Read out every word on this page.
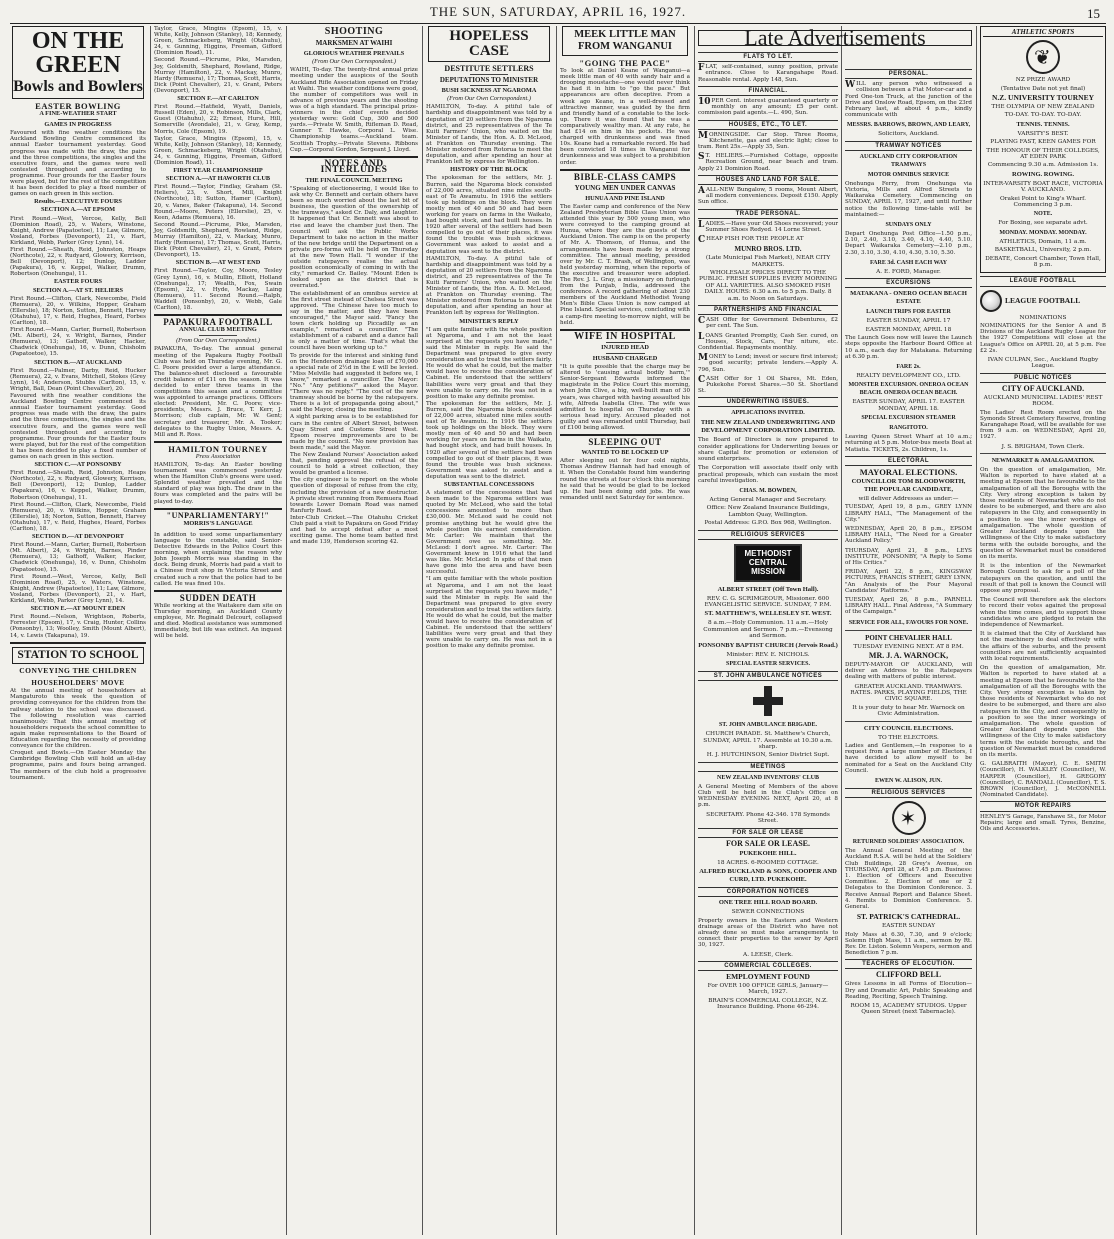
THE SUN, SATURDAY, APRIL 16, 1927.	15
ON THE GREEN
Bowls and Bowlers
EASTER BOWLING
A FINE-WEATHER START
GAMES IN PROGRESS

Favoured with fine weather conditions the Auckland Bowling Centre commenced its annual Easter tournament yesterday. Good progress was made with the draw, the pairs and the three competitions, the singles and the executive fours, and the games were well contested throughout and according to programme. Four grounds for the Easter fours were played, but for the rest of the competition it has been decided to play a fixed number of games on each green in this section.

Results.—EXECUTIVE FOURS
SECTION A.—AT EPSOM

First Round.—West, Vercoe, Kelly, Bell (Dominion Road), 25, v. Waters, Winstone, Knight, Andrew (Papatoetoe), 11; Law, Gilmore, Vosland, Forbes (Devonport), 21, v. Hart, Kirkland, Webb, Parker (Grey Lynn), 14.

First Round.—Sheath, Reid, Johnston, Heaps (Northcote), 22, v. Rudyard, Glowery, Kerrison, Bell (Devonport), 12; Dunlop, Ladder (Papakura), 16, v. Keppel, Walker, Drumm, Robertson (Onehunga), 11.

EASTER FOURS
SECTION A.—AT ST. HELIERS

First Round.—Clifton, Clark, Newcombe, Field (Remuera), 20, v. Wilkins, Hopper, Graham (Ellerslie), 18; Norton, Sutton, Bennett, Harvey (Otahuhu), 17, v. Reid, Hughes, Heard, Forbes (Carlton), 18.

First Round.—Mann, Carter, Burnell, Robertson (Mt. Albert), 24, v. Wright, Barnes, Pinder (Remuera), 13; Gathoff, Walker, Hacker, Chadwick (Onehunga), 16, v. Dunn, Chisholm (Papatoetoe), 15.

SECTION B.—AT AUCKLAND

First Round.—Palmer, Darby, Reid, Hucker (Remuera), 22, v. Evans, Mitchell, Stokes (Grey Lynn), 14; Anderson, Stubbs (Carlton), 15, v. Wright, Ball, Dean (Point Chevalier), 20.

Favoured with fine weather conditions the Auckland Bowling Centre commenced its annual Easter tournament yesterday. Good progress was made with the draw, the pairs and the three competitions, the singles and the executive fours, and the games were well contested throughout and according to programme. Four grounds for the Easter fours were played, but for the rest of the competition it has been decided to play a fixed number of games on each green in this section.

SECTION C.—AT PONSONBY

First Round.—Sheath, Reid, Johnston, Heaps (Northcote), 22, v. Rudyard, Glowery, Kerrison, Bell (Devonport), 12; Dunlop, Ladder (Papakura), 16, v. Keppel, Walker, Drumm, Robertson (Onehunga), 11.

First Round.—Clifton, Clark, Newcombe, Field (Remuera), 20, v. Wilkins, Hopper, Graham (Ellerslie), 18; Norton, Sutton, Bennett, Harvey (Otahuhu), 17, v. Reid, Hughes, Heard, Forbes (Carlton), 18.

SECTION D.—AT DEVONPORT

First Round.—Mann, Carter, Burnell, Robertson (Mt. Albert), 24, v. Wright, Barnes, Pinder (Remuera), 13; Gathoff, Walker, Hacker, Chadwick (Onehunga), 16, v. Dunn, Chisholm (Papatoetoe), 15.

First Round.—West, Vercoe, Kelly, Bell (Dominion Road), 25, v. Waters, Winstone, Knight, Andrew (Papatoetoe), 11; Law, Gilmore, Vosland, Forbes (Devonport), 21, v. Hart, Kirkland, Webb, Parker (Grey Lynn), 14.

SECTION E.—AT MOUNT EDEN

First Round.—Nelson, Wrightson, Roberts, Forrester (Epsom), 17, v. Craig, Hunter, Collins (Ponsonby), 13; Woolley, Smith (Mount Albert), 14, v. Lewis (Takapuna), 19.

STATION TO SCHOOL
CONVEYING THE CHILDREN
HOUSEHOLDERS' MOVE

At the annual meeting of householders at Mangaturoto this week the question of providing conveyance for the children from the railway station to the school was discussed. The following resolution was carried unanimously: That this annual meeting of householders requests the school committee to again make representations to the Board of Education regarding the necessity of providing conveyance for the children.

Croquet and Bowls.—On Easter Monday the Cambridge Bowling Club will hold an all-day programme, pairs and fours being arranged. The members of the club hold a progressive tournament.

Taylor, Grace, Mingins (Epsom), 15, v. White, Kelly, Johnson (Stanley), 18; Kennedy, Green, Schmackeberg, Wright (Otahuhu), 24, v. Gunning, Higgins, Freeman, Gifford (Dominion Road), 11.

Second Round.—Picrume, Pike, Marsden, Joy, Goldsmith, Shephard, Rowland, Ridge, Murray (Hamilton), 22, v. Mackay, Munro, Hardy (Remuera), 17; Thomas, Scott, Harris, Dick (Point Chevalier), 21, v. Grant, Peters (Devonport), 15.

SECTION F.—AT CARLTON

First Round.—Hatfield, Wyatt, Daniels, Russell (Eden), 20, v. Robinson, Mills, Clark, Guest (Otahuhu), 22; Ernest, Hurst, Hill, Somerville (Avondale), 21, v. Gray, Kemp, Morris, Cole (Epsom), 19.

Taylor, Grace, Mingins (Epsom), 15, v. White, Kelly, Johnson (Stanley), 18; Kennedy, Green, Schmackeberg, Wright (Otahuhu), 24, v. Gunning, Higgins, Freeman, Gifford (Dominion Road), 11.

FIRST YEAR CHAMPIONSHIP
SECTION A.—AT HAWORTH CLUB

First Round.—Taylor, Findlay, Graham (St. Heliers), 23, v. Short, Mill, Knight (Northcote), 18; Sutton, Hamer (Carlton), 20, v. Vanes, Baker (Takapuna), 14. Second Round.—Moore, Peters (Ellerslie), 25, v. Keen, Adams (Remuera), 16.

Second Round.—Picrume, Pike, Marsden, Joy, Goldsmith, Shephard, Rowland, Ridge, Murray (Hamilton), 22, v. Mackay, Munro, Hardy (Remuera), 17; Thomas, Scott, Harris, Dick (Point Chevalier), 21, v. Grant, Peters (Devonport), 15.

SECTION B.—AT WEST END

First Round.—Taylor, Coy, Moore, Tesley (Grey Lynn), 16, v. Mullin, Elliott, Holland (Onehunga), 17; Wealth, Fox, Swain (Epsom), 22, v. Hyde, Mackay, Laing (Remuera), 11. Second Round.—Ralph, Waddell (Ponsonby), 20, v. Webb, Gale (Carlton), 18.

PAPAKURA FOOTBALL
ANNUAL CLUB MEETING
(From Our Own Correspondent.)

PAPAKURA, To-day. The annual general meeting of the Papakura Rugby Football Club was held on Thursday evening, Mr. G. C. Poore presided over a large attendance. The balance-sheet disclosed a favourable credit balance of £11 on the season. It was decided to enter three teams in the competitions this season and a committee was appointed to arrange practices. Officers elected: President, Mr. C. Poore; vice-presidents, Messrs. J. Bruce, T. Kerr, J. Morrison; club captain, Mr. W. Gent; secretary and treasurer, Mr. A. Tooker; delegates to the Rugby Union, Messrs. A. Mill and R. Ross.

HAMILTON TOURNEY
Press Association

HAMILTON, To-day. An Easter bowling tournament was commenced yesterday when the Hamilton Club's greens were used. Splendid weather prevailed and the standard of play was high. The draw in the fours was completed and the pairs will be played to-day.

"UNPARLIAMENTARY!"
MORRIS'S LANGUAGE

In addition to used some unparliamentary language to the constable, said Senior-Detective Edwards in the Police Court this morning, when explaining the reason why John Joseph Morris was standing in the dock. Being drunk, Morris had paid a visit to a Chinese fruit shop in Victoria Street and created such a row that the police had to be called. He was fined 10s.

SUDDEN DEATH

While working at the Waitakere dam site on Thursday morning, an Auckland County employee, Mr. Reginald Delcourt, collapsed and died. Medical assistance was summoned immediately, but life was extinct. An inquest will be held.

SHOOTING
MARKSMEN AT WAIHI
GLORIOUS WEATHER PREVAILS
(From Our Own Correspondent.)

WAIHI, To-day. The twenty-first annual prize meeting under the auspices of the South Auckland Rifle Association opened on Friday at Waihi. The weather conditions were good, the number of competitors was well in advance of previous years and the shooting was of a high standard. The principal prize-winners in the chief events decided yesterday were: Gold Cup, 300 and 500 yards.—Private W. Smith, Rifleman D. Read, Gunner T. Hawke, Corporal L. Wise. Championship teams.—Auckland team. Scottish Trophy.—Private Stevens. Ribbons Cup.—Corporal Gordon, Sergeant J. Lloyd.

NOTES AND INTERLUDES
THE FINAL COUNCIL MEETING

"Speaking of electioneering, I would like to ask why Cr. Bennett and certain others have been so much worried about the last bit of business, the question of the ownership of the tramways," asked Cr. Daly, and laughter. It happened that Cr. Bennett was about to rise and leave the chamber just then. The council will ask the Public Works Department to take no action in the matter of the new bridge until the Department on a private pro-forma will be held on Thursday at the new Town Hall. "I wonder if the outside ratepayers realise the actual position economically of coming in with the city," remarked Cr. Bailey. "Mount Eden is looked upon as the district that is overrated."

The establishment of an omnibus service at the first street instead of Chelsea Street was approved. "The Chinese have too much to say in the matter, and they have been encouraged," the Mayor said. "Fancy the town clerk holding up Piccadilly as an example," remarked a councillor. "The establishment of a cabaret and a dance hall is only a matter of time. That's what the council have been working up to."

To provide for the interest and sinking fund on the Henderson drainage loan of £70,000 a special rate of 2½d in the £ will be levied. "Miss Melville had suggested it before we, I know," remarked a councillor. The Mayor: "No." "Any petitions?" asked the Mayor. "There was no reply." "The cost of the new tramway should be borne by the ratepayers. There is a lot of propaganda going about," said the Mayor, closing the meeting.

A sight parking area is to be established for cars in the centre of Albert Street, between Quay Street and Customs Street West. Epsom reserve improvements are to be made by the council. "No new provision has been made," said the Mayor.

The New Zealand Nurses' Association asked that, pending approval the refusal of the council to hold a street collection, they would be granted a license.

The city engineer is to report on the whole question of disposal of refuse from the city, including the provision of a new destructor. A private street running from Remuera Road towards Lower Domain Road was named Ranfurly Road.

Inter-Club Cricket.—The Otahuhu Cricket Club paid a visit to Papakura on Good Friday and had to accept defeat after a most exciting game. The home team batted first and made 139, Henderson scoring 42.

HOPELESS CASE
DESTITUTE SETTLERS
DEPUTATIONS TO MINISTER
BUSH SICKNESS AT NGAROMA
(From Our Own Correspondent.)

HAMILTON, To-day. A pitiful tale of hardship and disappointment was told by a deputation of 20 settlers from the Ngaroma district, and 25 representatives of the Te Kuiti Farmers' Union, who waited on the Minister of Lands, the Hon. A. D. McLeod, at Frankton on Thursday evening. The Minister motored from Rotorua to meet the deputation, and after spending an hour at Frankton left by express for Wellington.

HISTORY OF THE BLOCK

The spokesman for the settlers, Mr. J. Burren, said the Ngaroma block consisted of 22,000 acres, situated nine miles south-east of Te Awamutu. In 1916 the settlers took up holdings on the block. They were mostly men of 40 and 50 and had been working for years on farms in the Waikato, had bought stock, and had built houses. In 1920 after several of the settlers had been compelled to go out of their places, it was found the trouble was bush sickness. Government was asked to assist and a deputation was sent to the district.

HAMILTON, To-day. A pitiful tale of hardship and disappointment was told by a deputation of 20 settlers from the Ngaroma district, and 25 representatives of the Te Kuiti Farmers' Union, who waited on the Minister of Lands, the Hon. A. D. McLeod, at Frankton on Thursday evening. The Minister motored from Rotorua to meet the deputation, and after spending an hour at Frankton left by express for Wellington.

MINISTER'S REPLY

"I am quite familiar with the whole position at Ngaroma, and I am not the least surprised at the requests you have made," said the Minister in reply. He said the Department was prepared to give every consideration and to treat the settlers fairly. He would do what he could, but the matter would have to receive the consideration of Cabinet. He understood that the settlers' liabilities were very great and that they were unable to carry on. He was not in a position to make any definite promise.

The spokesman for the settlers, Mr. J. Burren, said the Ngaroma block consisted of 22,000 acres, situated nine miles south-east of Te Awamutu. In 1916 the settlers took up holdings on the block. They were mostly men of 40 and 50 and had been working for years on farms in the Waikato, had bought stock, and had built houses. In 1920 after several of the settlers had been compelled to go out of their places, it was found the trouble was bush sickness. Government was asked to assist and a deputation was sent to the district.

SUBSTANTIAL CONCESSIONS

A statement of the concessions that had been made to the Ngaroma settlers was quoted by Mr. McLeod, who said the total concessions amounted to more than £30,000. Mr. McLeod said he could not promise anything but he would give the whole position his earnest consideration. Mr. Carter: We maintain that the Government owe us something. Mr. McLeod: I don't agree. Mr. Carter: The Government knew in 1916 what the land was like. Mr. McLeod: In spite of that men have gone into the area and have been successful.

"I am quite familiar with the whole position at Ngaroma, and I am not the least surprised at the requests you have made," said the Minister in reply. He said the Department was prepared to give every consideration and to treat the settlers fairly. He would do what he could, but the matter would have to receive the consideration of Cabinet. He understood that the settlers' liabilities were very great and that they were unable to carry on. He was not in a position to make any definite promise.

MEEK LITTLE MAN FROM WANGANUI
"GOING THE PACE"

To look at Daniel Keane of Wanganui—a meek little man of 40 with sandy hair and a drooping moustache—one would never think he had it in him to "go the pace." But appearances are often deceptive. From a week ago Keane, in a well-dressed and attractive manner, was guided by the firm and friendly hand of a constable to the lock-up. There it was found that he was a comparatively wealthy man. At any rate, he had £14 on him in his pockets. He was charged with drunkenness and was fined 10s. Keane had a remarkable record. He had been convicted 18 times in Wanganui for drunkenness and was subject to a prohibition order.

BIBLE-CLASS CAMPS
YOUNG MEN UNDER CANVAS
HUNUA AND PINE ISLAND

The Easter camp and conference of the New Zealand Presbyterian Bible Class Union was attended this year by 500 young men, who were conveyed to the camping ground at Hunua, where they are the guests of the Auckland Union. The camp is on the property of Mr. A. Thomson, of Hunua, and the arrangements have been made by a strong committee. The annual meeting, presided over by Mr. C. T. Brash, of Wellington, was held yesterday morning, when the reports of the executive and treasurer were adopted. The Rev. J. L. Gray, a missionary on furlough from the Punjab, India, addressed the conference. A record gathering of about 230 members of the Auckland Methodist Young Men's Bible Class Union is now camped at Pine Island. Special services, concluding with a camp-fire meeting to-morrow night, will be held.

WIFE IN HOSPITAL
INJURED HEAD
HUSBAND CHARGED

"It is quite possible that the charge may be altered to 'causing actual bodily harm,'" Senior-Sergeant Edwards informed the magistrate in the Police Court this morning, when John Clive, a big, well-built man of 30 years, was charged with having assaulted his wife, Alfreda Isabella Clive. The wife was admitted to hospital on Thursday with a serious head injury. Accused pleaded not guilty and was remanded until Thursday, bail of £100 being allowed.

SLEEPING OUT
WANTED TO BE LOCKED UP

After sleeping out for four cold nights, Thomas Andrew Hannah had had enough of it. When the Constable found him wandering round the streets at four o'clock this morning he said that he would be glad to be locked up. He had been doing odd jobs. He was remanded until next Saturday for sentence.

Late Advertisements
FLATS TO LET.
FLAT, self-contained, sunny position, private entrance. Close to Karangahape Road. Reasonable rental. Apply 148, Sun.
FINANCIAL.
10 PER Cent. interest guaranteed quarterly or monthly on any amount; £5 per cent. commission paid agents.—L. 490, Sun.
HOUSES, ETC., TO LET.
MORNINGSIDE. Car Stop. Three Rooms, Kitchenette, gas and electric light; close to tram. Rent 25s.—Apply 35, Sun.
S T. HELIERS.—Furnished Cottage, opposite Recreation Ground, near beach and tram. Apply 21 Dominion Road.
HOUSES AND LAND FOR SALE.
AALL-NEW Bungalow, 5 rooms, Mount Albert, all modern conveniences. Deposit £150. Apply Sun office.
TRADE PERSONAL.
LADIES.—Have your Old Shoes recovered; your Summer Shoes Redyed. 14 Lorne Street.
CHEAP FISH FOR THE PEOPLE AT
MUNRO BROS. LTD.
(Late Municipal Fish Market), NEAR CITY MARKETS.
WHOLESALE PRICES DIRECT TO THE PUBLIC. FRESH SUPPLIES EVERY MORNING OF ALL VARIETIES. ALSO SMOKED FISH DAILY. HOURS: 6.30 a.m. to 5 p.m. Daily. 8 a.m. to Noon on Saturdays.
PARTNERSHIPS AND FINANCIAL
CASH Offer for Government Debentures, £2 per cent. The Sun.
LOANS Granted Promptly, Cash Ser. cured, on Houses, Stock, Cars, Fur niture, etc. Confidential. Repayments monthly.
MONEY to Lend; invest or secure first interest; good security; private lenders.—Apply A. 796, Sun.
CASH Offer for 1 Oil Shares, Mt. Eden, Pukekohe Forest Shares.—50 St. Shortland St.
UNDERWRITING ISSUES.
APPLICATIONS INVITED.
THE NEW ZEALAND UNDERWRITING AND DEVELOPMENT CORPORATION LIMITED.
The Board of Directors is now prepared to consider applications for Underwriting Issues or share Capital for promotion or extension of sound enterprises.
The Corporation will associate itself only with practical proposals, which can sustain the most careful investigation.
CHAS. M. BOWDEN,
Acting General Manager and Secretary.
Office: New Zealand Insurance Buildings, Lambton Quay, Wellington.
Postal Address: G.P.O. Box 968, Wellington.
RELIGIOUS SERVICES
METHODIST
CENTRAL
MISSION
ALBERT STREET (Off Town Hall).
REV. C. G. SCRIMGEOUR, Missioner. 600 EVANGELISTIC SERVICE. SUNDAY, 7 P.M.
ST. MATTHEW'S, WELLESLEY ST. WEST.
8 a.m.—Holy Communion. 11 a.m.—Holy Communion and Sermon. 7 p.m.—Evensong and Sermon.
PONSONBY BAPTIST CHURCH (Jervois Road.)
Minister: REV. E. NICHOLS.
SPECIAL EASTER SERVICES.
ST. JOHN AMBULANCE NOTICES
ST. JOHN AMBULANCE BRIGADE.
CHURCH PARADE. St. Matthew's Church, SUNDAY, APRIL 17. Assemble at 10.30 a.m. sharp.
H. J. HUTCHINSON, Senior District Supt.
MEETINGS
NEW ZEALAND INVENTORS' CLUB
A General Meeting of Members of the above Club will be held in the Club's Office on WEDNESDAY EVENING NEXT, April 20, at 8 p.m.
SECRETARY. Phone 42-346. 178 Symonds Street.
FOR SALE OR LEASE
FOR SALE OR LEASE.
PUKEKOHE HILL.
18 ACRES. 6-ROOMED COTTAGE.
ALFRED BUCKLAND & SONS, COOPER AND CURD, LTD. PUKEKOHE.
CORPORATION NOTICES
ONE TREE HILL ROAD BOARD.
SEWER CONNECTIONS
Property owners in the Eastern and Western drainage areas of the District who have not already done so must make arrangements to connect their properties to the sewer by April 30, 1927.
A. LEESE, Clerk.
COMMERCIAL COLLEGES.
EMPLOYMENT FOUND
For OVER 100 OFFICE GIRLS, January—March, 1927.
BRAIN'S COMMERCIAL COLLEGE, N.Z. Insurance Building. Phone 46-294.
PERSONAL.
WILL any person who witnessed a collision between a Fiat Motor-car and a Ford One-ton Truck, at the junction of the Drive and Onslow Road, Epsom, on the 23rd February last, at about 4 p.m., kindly communicate with
MESSRS. BARROWS, BROWN, AND LEARY,
Solicitors, Auckland.
TRAMWAY NOTICES
AUCKLAND CITY CORPORATION TRAMWAYS
MOTOR OMNIBUS SERVICE
Onehunga Ferry, from Onehunga via Victoria, Mills and Alfred Streets to Waikaraka Cemetery. Commencing on SUNDAY, APRIL 17, 1927, and until further notice the following time-table will be maintained:—
SUNDAYS ONLY
Depart Onehunga Post Office—1.50 p.m., 2.10, 2.40, 3.10, 3.40, 4.10, 4.40, 5.10. Depart Waikaraka Cemetery—2.10 p.m., 2.30, 3.10, 3.30, 4.10, 4.30, 5.10, 5.30.
FARE 3d. CASH EACH WAY
A. E. FORD, Manager.
EXCURSIONS
MATAKANA - ONERO OCEAN BEACH ESTATE
LAUNCH TRIPS FOR EASTER
EASTER SUNDAY, APRIL 17
EASTER MONDAY, APRIL 18
The Launch Goes now will leave the Launch steps opposite the Harbour Board Office at 10 a.m., each day for Matakana. Returning at 6.30 p.m.
FARE 2s.
REALTY DEVELOPMENT CO., LTD.
MONSTER EXCURSION. ONEROA OCEAN BEACH. ONEROA OCEAN BEACH.
EASTER SUNDAY, APRIL 17. EASTER MONDAY, APRIL 18.
SPECIAL EXCURSION STEAMER
RANGITOTO.
Leaving Queen Street Wharf at 10 a.m.; returning at 5 p.m. Motor-bus meets Boat at Matiatia. TICKETS, 2s. Children, 1s.
ELECTORAL
MAYORAL ELECTIONS.
COUNCILLOR TOM BLOODWORTH, THE POPULAR CANDIDATE,
will deliver Addresses as under:—
TUESDAY, April 19, 8 p.m., GREY LYNN LIBRARY HALL, "The Management of the City."
WEDNESDAY, April 20, 8 p.m., EPSOM LIBRARY HALL, "The Need for a Greater Auckland Policy."
THURSDAY, April 21, 8 p.m., LEYS INSTITUTE, PONSONBY, "A Reply to Some of His Critics."
FRIDAY, April 22, 8 p.m., KINGSWAY PICTURES, FRANCIS STREET, GREY LYNN, "An Analysis of the Four Mayoral Candidates' Platforms."
TUESDAY, April 26, 8 p.m., PARNELL LIBRARY HALL. Final Address, "A Summary of the Campaign."
SERVICE FOR ALL, FAVOURS FOR NONE.
POINT CHEVALIER HALL
TUESDAY EVENING NEXT. AT 8 P.M.
MR. J. A. WARNOCK,
DEPUTY-MAYOR OF AUCKLAND, will deliver an Address to the Ratepayers dealing with matters of public interest.
GREATER AUCKLAND. TRAMWAYS. RATES. PARKS, PLAYING FIELDS, THE CIVIC SQUARE.
It is your duty to hear Mr. Warnock on Civic Administration.
CITY COUNCIL ELECTIONS.
TO THE ELECTORS.
Ladies and Gentlemen,—In response to a request from a large number of Electors, I have decided to allow myself to be nominated for a Seat on the Auckland City Council.
EWEN W. ALISON, JUN.
RELIGIOUS SERVICES
✶
RETURNED SOLDIERS' ASSOCIATION.
The Annual General Meeting of the Auckland R.S.A. will be held at the Soldiers' Club Buildings, 28 Grey's Avenue, on THURSDAY, April 28, at 7.45 p.m. Business: 1. Election of Officers and Executive Committee. 2. Election of one or 2 Delegates to the Dominion Conference. 3. Receive Annual Report and Balance Sheet. 4. Remits to Dominion Conference. 5. General.
ST. PATRICK'S CATHEDRAL.
EASTER SUNDAY
Holy Mass at 6.30, 7.30, and 9 o'clock; Solemn High Mass, 11 a.m., sermon by Rt. Rev. Dr. Liston. Solemn Vespers, sermon and Benediction 7 p.m.
TEACHERS OF ELOCUTION.
CLIFFORD BELL
Gives Lessons in all Forms of Elocution—Dry and Dramatic Art, Public Speaking and Reading, Reciting, Speech Training.
ROOM 15, ACADEMY STUDIOS. Upper Queen Street (next Tabernacle).
ATHLETIC SPORTS
❦
NZ PRIZE AWARD
(Tentative Date not yet final)
N.Z. UNIVERSITY TOURNEY
THE OLYMPIA OF NEW ZEALAND
TO-DAY. TO-DAY. TO-DAY.
TENNIS. TENNIS.
VARSITY'S BEST.
PLAYING FAST, KEEN GAMES FOR
THE HONOUR OF THEIR COLLEGES, AT EDEN PARK
Commencing 9.30 a.m. Admission 1s.
ROWING. ROWING.
INTER-VARSITY BOAT RACE, VICTORIA V. AUCKLAND.
Orakei Point to King's Wharf. Commencing 3 p.m.
NOTE.
For Boxing, see separate advt.
MONDAY. MONDAY. MONDAY.
ATHLETICS, Domain, 11 a.m.
BASKETBALL, University, 2 p.m.
DEBATE, Concert Chamber, Town Hall, 8 p.m.
LEAGUE FOOTBALL
LEAGUE FOOTBALL
NOMINATIONS
NOMINATIONS for the Senior A and B Divisions of the Auckland Rugby League for the 1927 Competitions will close at the League's Office on APRIL 20, at 5 p.m. Fee £2 2s.
IVAN CULPAN, Sec., Auckland Rugby League.
PUBLIC NOTICES
CITY OF AUCKLAND.
AUCKLAND MUNICIPAL LADIES' REST ROOM.
The Ladies' Rest Room erected on the Symonds Street Cemetery Reserve, fronting Karangahape Road, will be available for use from 9 a.m. on WEDNESDAY, April 20, 1927.
J. S. BRIGHAM, Town Clerk.
NEWMARKET & AMALGAMATION.
On the question of amalgamation, Mr. Walton is reported to have stated at a meeting at Epsom that he favourable to the amalgamation of all the Boroughs with the City. Very strong exception is taken by those residents of Newmarket who do not desire to be submerged, and there are also ratepayers in the City, and consequently in a position to see the inner workings of amalgamation. The whole question of Greater Auckland depends upon the willingness of the City to make satisfactory terms with the outside boroughs, and the question of Newmarket must be considered on its merits.
It is the intention of the Newmarket Borough Council to ask for a poll of the ratepayers on the question, and until the result of that poll is known the Council will oppose any proposal.
The Council will therefore ask the electors to record their votes against the proposal when the time comes, and to support those candidates who are pledged to retain the independence of Newmarket.
It is claimed that the City of Auckland has not the machinery to deal effectively with the affairs of the suburbs, and the present councillors are not sufficiently acquainted with local requirements.
On the question of amalgamation, Mr. Walton is reported to have stated at a meeting at Epsom that he favourable to the amalgamation of all the Boroughs with the City. Very strong exception is taken by those residents of Newmarket who do not desire to be submerged, and there are also ratepayers in the City, and consequently in a position to see the inner workings of amalgamation. The whole question of Greater Auckland depends upon the willingness of the City to make satisfactory terms with the outside boroughs, and the question of Newmarket must be considered on its merits.
G. GALBRAITH (Mayor), C. E. SMITH (Councillor), H. WALKLEY (Councillor), W. HARPER (Councillor), H. GREGORY (Councillor), C. RANDALL (Councillor), T. S. BROWN (Councillor), J. McCONNELL (Nominated Candidate).
MOTOR REPAIRS
HENLEY'S Garage, Fanshawe St., for Motor Repairs; large and small. Tyres, Benzine, Oils and Accessories.
